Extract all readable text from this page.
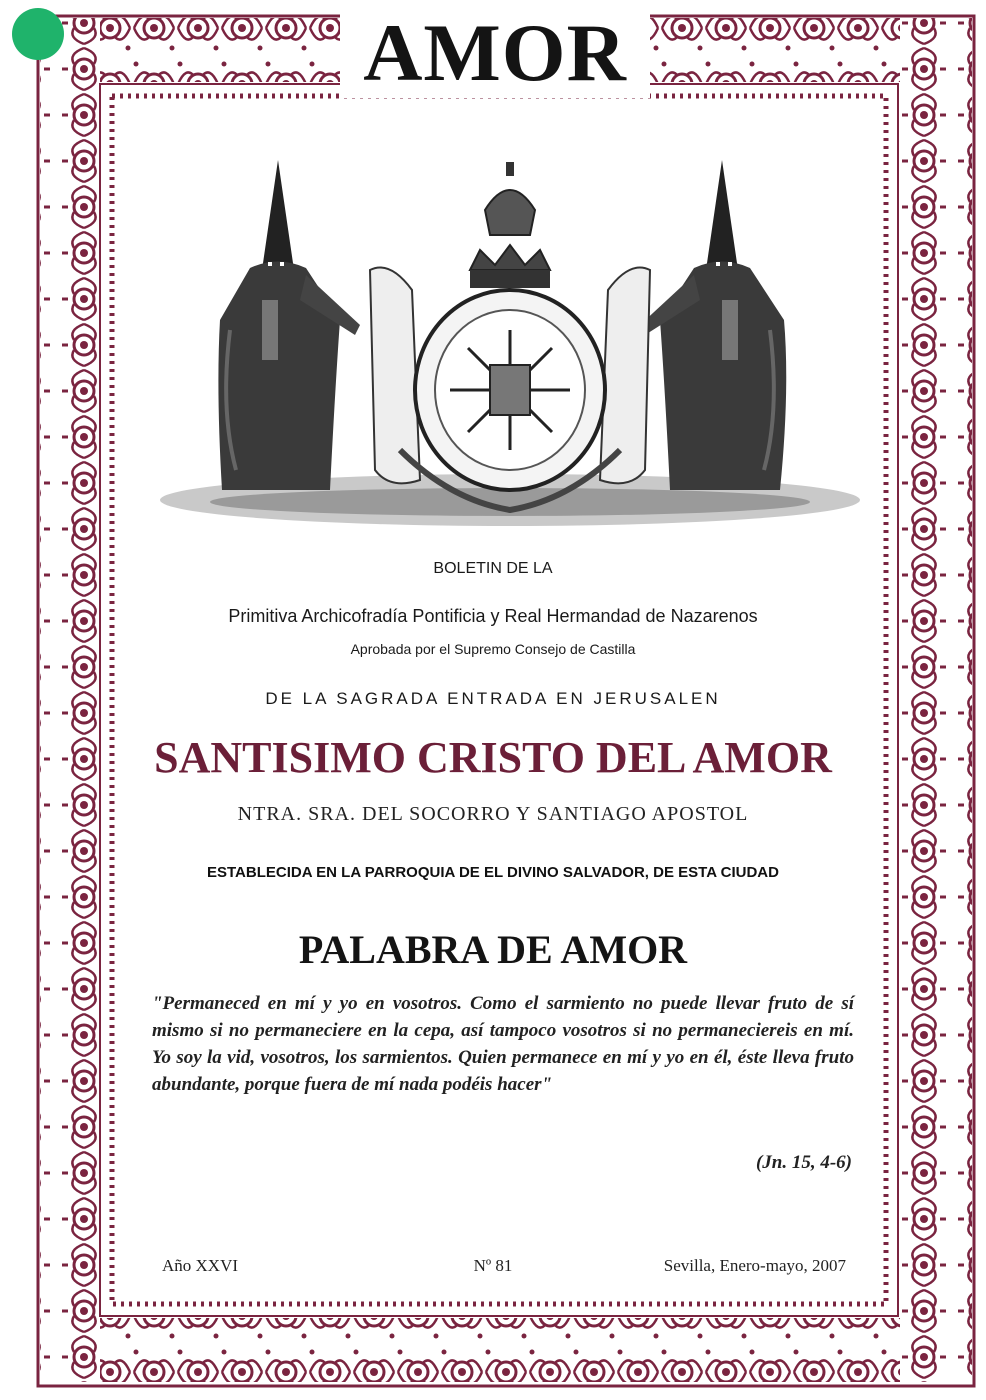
AMOR
BOLETIN DE LA
Primitiva Archicofradía Pontificia y Real Hermandad de Nazarenos
Aprobada por el Supremo Consejo de Castilla
DE LA SAGRADA ENTRADA EN JERUSALEN
SANTISIMO CRISTO DEL AMOR
NTRA. SRA. DEL SOCORRO Y SANTIAGO APOSTOL
ESTABLECIDA EN LA PARROQUIA DE EL DIVINO SALVADOR, DE ESTA CIUDAD
PALABRA DE AMOR
"Permaneced en mí y yo en vosotros. Como el sarmiento no puede llevar fruto de sí mismo si no permaneciere en la cepa, así tampoco vosotros si no permaneciereis en mí. Yo soy la vid, vosotros, los sarmientos. Quien permanece en mí y yo en él, éste lleva fruto abundante, porque fuera de mí nada podéis hacer"
(Jn. 15, 4-6)
Año XXVI	Nº 81	Sevilla, Enero-mayo, 2007
